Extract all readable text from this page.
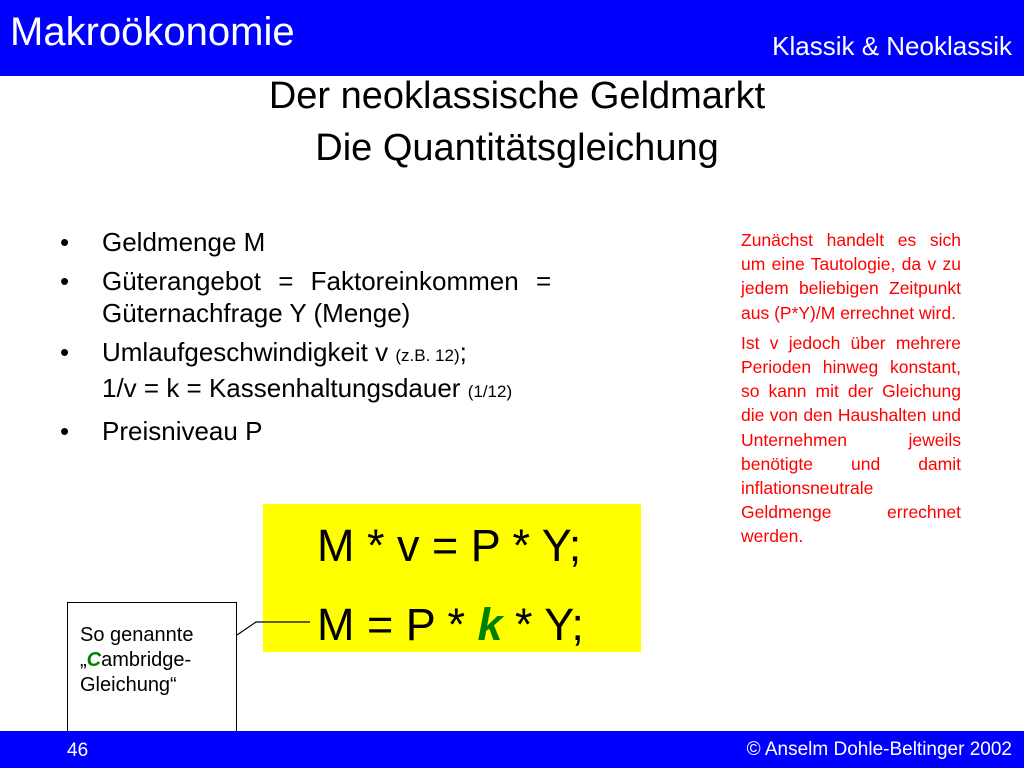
Makroökonomie	Klassik & Neoklassik
Der neoklassische Geldmarkt
Die Quantitätsgleichung
• Geldmenge M
• Güterangebot = Faktoreinkommen =
Güternachfrage Y (Menge)
• Umlaufgeschwindigkeit v (z.B. 12);
1/v = k = Kassenhaltungsdauer (1/12)
• Preisniveau P

Zunächst handelt es sich um eine Tautologie, da v zu jedem beliebigen Zeitpunkt aus (P*Y)/M errechnet wird.

Ist v jedoch über mehrere Perioden hinweg konstant, so kann mit der Gleichung die von den Haushalten und Unternehmen jeweils benötigte und damit inflationsneutrale Geldmenge errechnet werden.

M * v = P * Y;
M = P * k * Y;
So genannte
„Cambridge-
Gleichung“
46	© Anselm Dohle-Beltinger 2002
